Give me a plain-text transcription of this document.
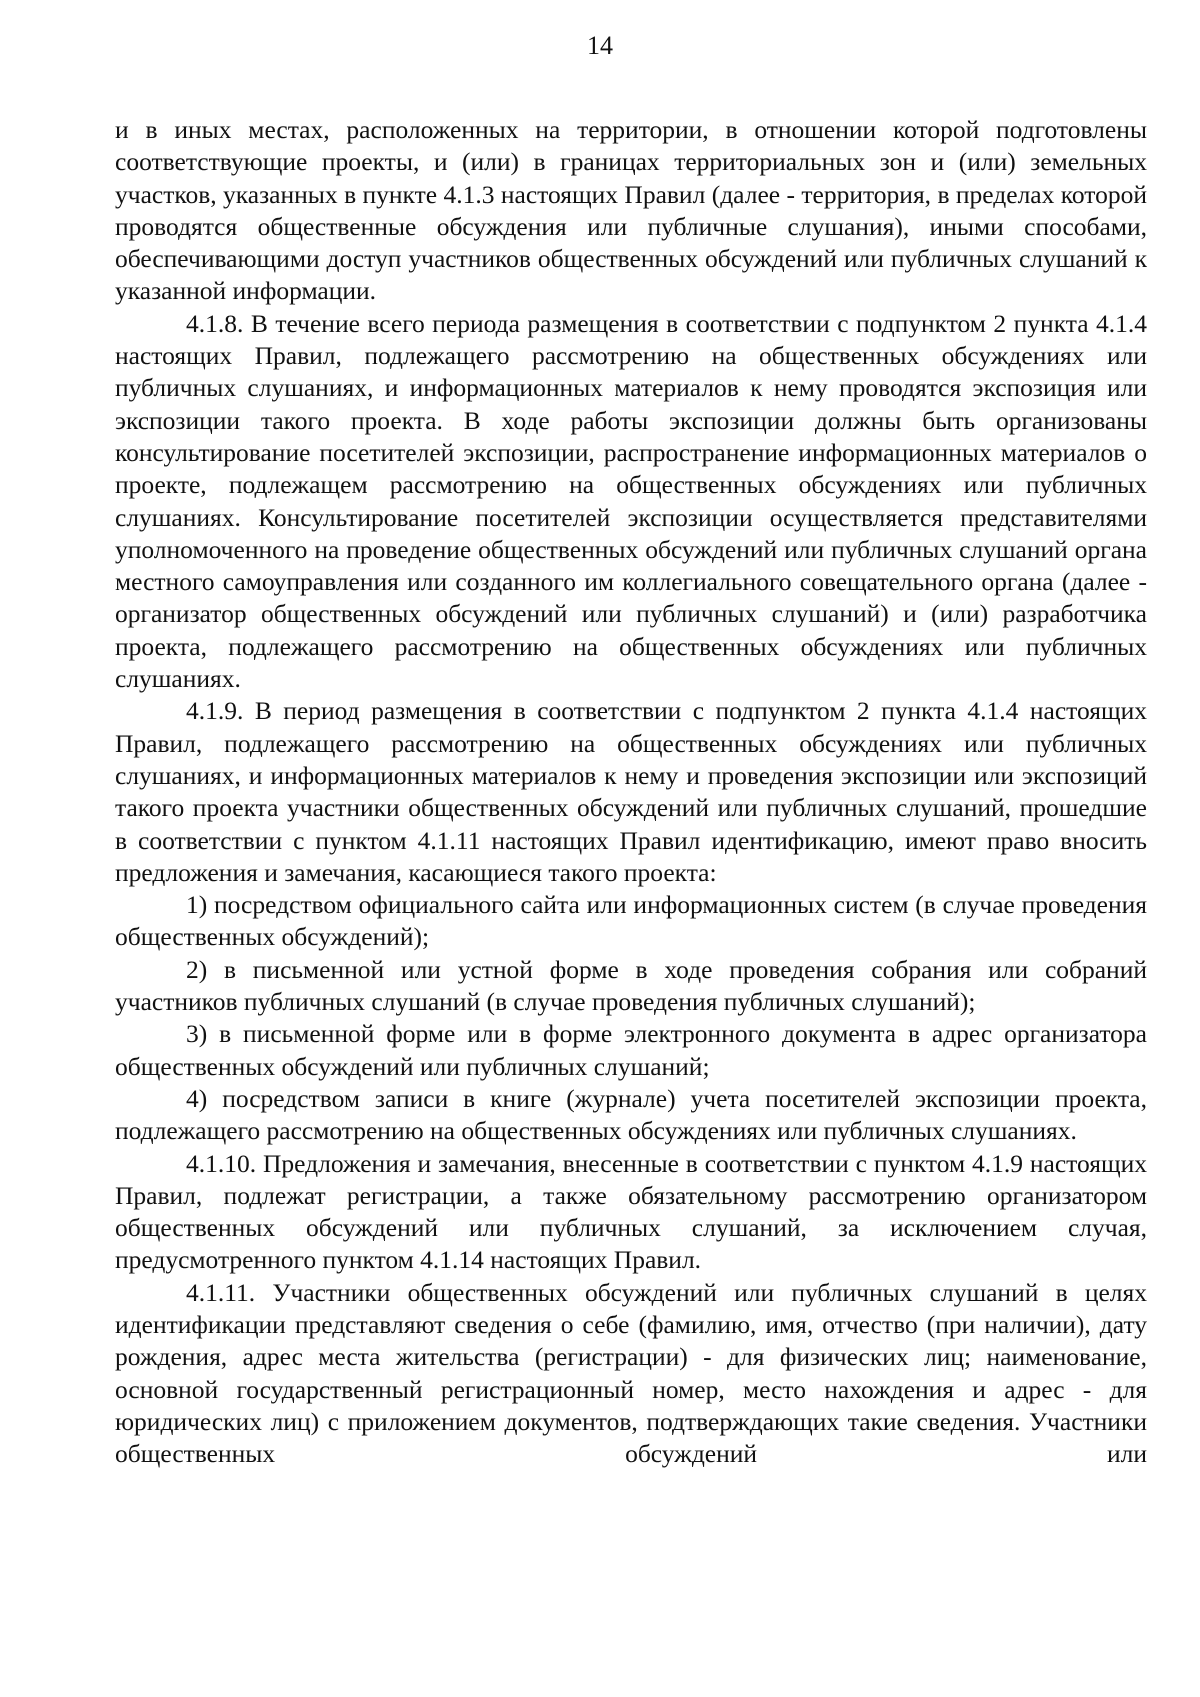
14

и в иных местах, расположенных на территории, в отношении которой подготовлены соответствующие проекты, и (или) в границах территориальных зон и (или) земельных участков, указанных в пункте 4.1.3 настоящих Правил (далее - территория, в пределах которой проводятся общественные обсуждения или публичные слушания), иными способами, обеспечивающими доступ участников общественных обсуждений или публичных слушаний к указанной информации.

4.1.8. В течение всего периода размещения в соответствии с подпунктом 2 пункта 4.1.4 настоящих Правил, подлежащего рассмотрению на общественных обсуждениях или публичных слушаниях, и информационных материалов к нему проводятся экспозиция или экспозиции такого проекта. В ходе работы экспозиции должны быть организованы консультирование посетителей экспозиции, распространение информационных материалов о проекте, подлежащем рассмотрению на общественных обсуждениях или публичных слушаниях. Консультирование посетителей экспозиции осуществляется представителями уполномоченного на проведение общественных обсуждений или публичных слушаний органа местного самоуправления или созданного им коллегиального совещательного органа (далее - организатор общественных обсуждений или публичных слушаний) и (или) разработчика проекта, подлежащего рассмотрению на общественных обсуждениях или публичных слушаниях.

4.1.9. В период размещения в соответствии с подпунктом 2 пункта 4.1.4 настоящих Правил, подлежащего рассмотрению на общественных обсуждениях или публичных слушаниях, и информационных материалов к нему и проведения экспозиции или экспозиций такого проекта участники общественных обсуждений или публичных слушаний, прошедшие в соответствии с пунктом 4.1.11 настоящих Правил идентификацию, имеют право вносить предложения и замечания, касающиеся такого проекта:

1) посредством официального сайта или информационных систем (в случае проведения общественных обсуждений);

2) в письменной или устной форме в ходе проведения собрания или собраний участников публичных слушаний (в случае проведения публичных слушаний);

3) в письменной форме или в форме электронного документа в адрес организатора общественных обсуждений или публичных слушаний;

4) посредством записи в книге (журнале) учета посетителей экспозиции проекта, подлежащего рассмотрению на общественных обсуждениях или публичных слушаниях.

4.1.10. Предложения и замечания, внесенные в соответствии с пунктом 4.1.9 настоящих Правил, подлежат регистрации, а также обязательному рассмотрению организатором общественных обсуждений или публичных слушаний, за исключением случая, предусмотренного пунктом 4.1.14 настоящих Правил.

4.1.11. Участники общественных обсуждений или публичных слушаний в целях идентификации представляют сведения о себе (фамилию, имя, отчество (при наличии), дату рождения, адрес места жительства (регистрации) - для физических лиц; наименование, основной государственный регистрационный номер, место нахождения и адрес - для юридических лиц) с приложением документов, подтверждающих такие сведения. Участники общественных обсуждений или
